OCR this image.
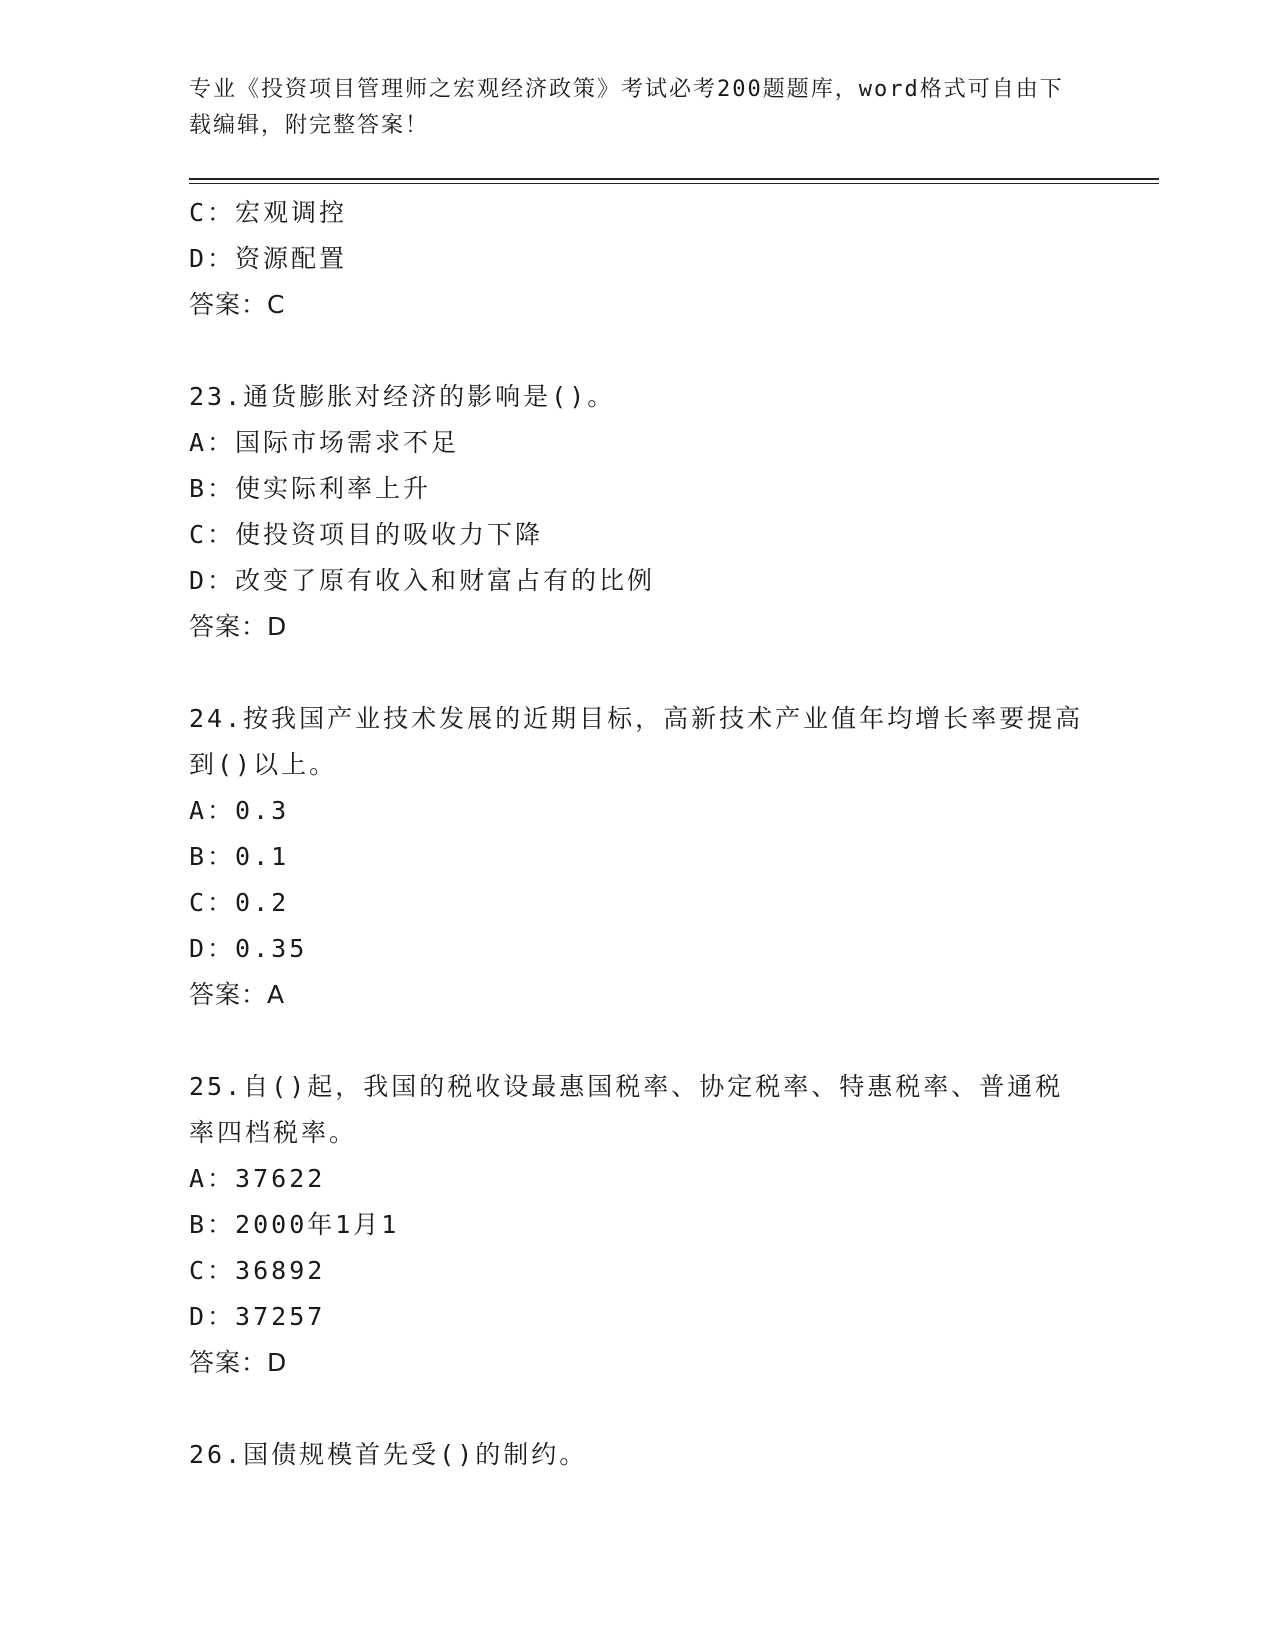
专业《投资项目管理师之宏观经济政策》考试必考200题题库，word格式可自由下载编辑，附完整答案！
C：宏观调控
D：资源配置
答案：C
23.通货膨胀对经济的影响是()。
A：国际市场需求不足
B：使实际利率上升
C：使投资项目的吸收力下降
D：改变了原有收入和财富占有的比例
答案：D
24.按我国产业技术发展的近期目标，高新技术产业值年均增长率要提高到()以上。
A：0.3
B：0.1
C：0.2
D：0.35
答案：A
25.自()起，我国的税收设最惠国税率、协定税率、特惠税率、普通税率四档税率。
A：37622
B：2000年1月1
C：36892
D：37257
答案：D
26.国债规模首先受()的制约。
